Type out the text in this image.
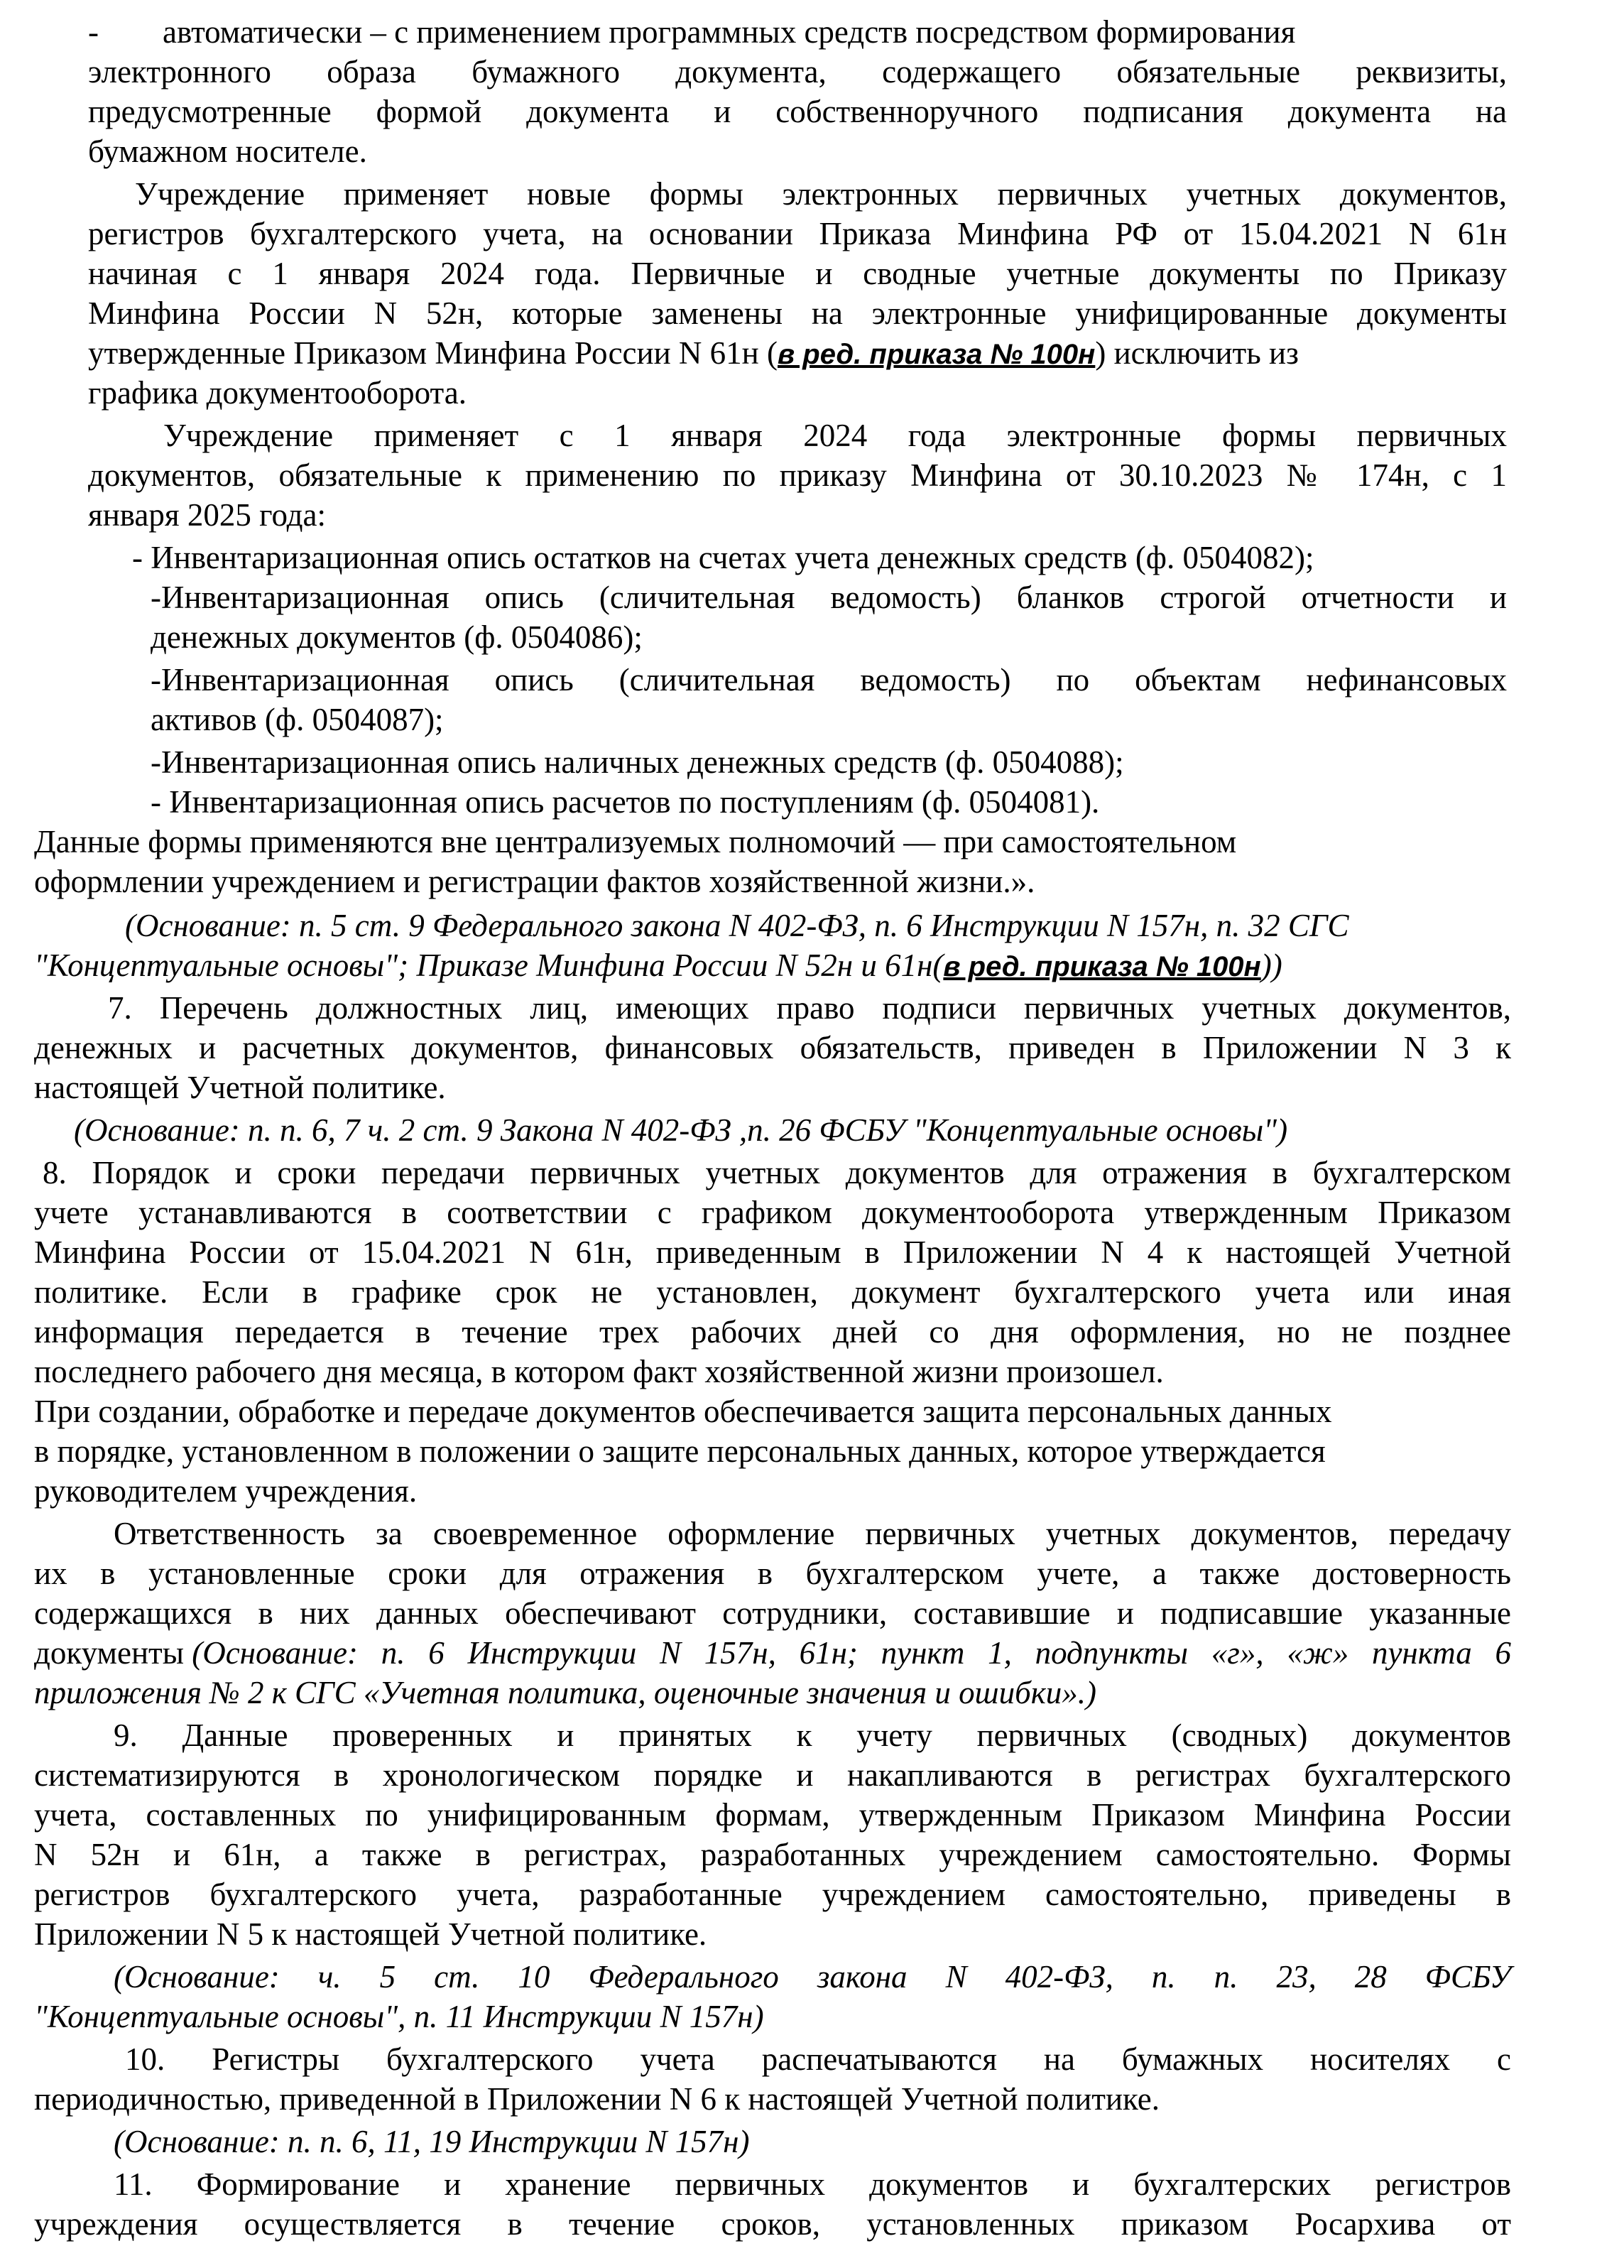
-        автоматически – с применением программных средств посредством формирования
электронного образа бумажного документа, содержащего обязательные реквизиты,
предусмотренные формой документа и собственноручного подписания документа на
бумажном носителе.
Учреждение применяет новые формы электронных первичных учетных документов,
регистров бухгалтерского учета, на основании Приказа Минфина РФ от 15.04.2021 N 61н
начиная с 1 января 2024 года. Первичные и сводные учетные документы по Приказу
Минфина России N 52н, которые заменены на электронные унифицированные документы
утвержденные Приказом Минфина России N 61н (в ред. приказа № 100н) исключить из
графика документооборота.
Учреждение применяет с 1 января 2024 года электронные формы первичных
документов, обязательные к применению по приказу Минфина от 30.10.2023 № 174н, с 1
января 2025 года:
- Инвентаризационная опись остатков на счетах учета денежных средств (ф. 0504082);
-Инвентаризационная опись (сличительная ведомость) бланков строгой отчетности и
денежных документов (ф. 0504086);
-Инвентаризационная опись (сличительная ведомость) по объектам нефинансовых
активов (ф. 0504087);
-Инвентаризационная опись наличных денежных средств (ф. 0504088);
- Инвентаризационная опись расчетов по поступлениям (ф. 0504081).
Данные формы применяются вне централизуемых полномочий — при самостоятельном
оформлении учреждением и регистрации фактов хозяйственной жизни.».
(Основание: п. 5 ст. 9 Федерального закона N 402-ФЗ, п. 6 Инструкции N 157н, п. 32 СГС
"Концептуальные основы"; Приказе Минфина России N 52н и 61н(в ред. приказа № 100н))
7. Перечень должностных лиц, имеющих право подписи первичных учетных документов,
денежных и расчетных документов, финансовых обязательств, приведен в Приложении N 3 к
настоящей Учетной политике.
(Основание: п. п. 6, 7 ч. 2 ст. 9 Закона N 402-ФЗ ,п. 26 ФСБУ "Концептуальные основы")
8. Порядок и сроки передачи первичных учетных документов для отражения в бухгалтерском
учете устанавливаются в соответствии с графиком документооборота утвержденным Приказом
Минфина России от 15.04.2021 N 61н, приведенным в Приложении N 4 к настоящей Учетной
политике. Если в графике срок не установлен, документ бухгалтерского учета или иная
информация передается в течение трех рабочих дней со дня оформления, но не позднее
последнего рабочего дня месяца, в котором факт хозяйственной жизни произошел.
При создании, обработке и передаче документов обеспечивается защита персональных данных
в порядке, установленном в положении о защите персональных данных, которое утверждается
руководителем учреждения.
Ответственность за своевременное оформление первичных учетных документов, передачу
их в установленные сроки для отражения в бухгалтерском учете, а также достоверность
содержащихся в них данных обеспечивают сотрудники, составившие и подписавшие указанные
документы (Основание: п. 6 Инструкции N 157н, 61н; пункт 1, подпункты «г», «ж» пункта 6
приложения № 2 к СГС «Учетная политика, оценочные значения и ошибки».)
9. Данные проверенных и принятых к учету первичных (сводных) документов
систематизируются в хронологическом порядке и накапливаются в регистрах бухгалтерского
учета, составленных по унифицированным формам, утвержденным Приказом Минфина России
N 52н и 61н, а также в регистрах, разработанных учреждением самостоятельно. Формы
регистров бухгалтерского учета, разработанные учреждением самостоятельно, приведены в
Приложении N 5 к настоящей Учетной политике.
(Основание: ч. 5 ст. 10 Федерального закона N 402-ФЗ, п. п. 23, 28 ФСБУ
"Концептуальные основы", п. 11 Инструкции N 157н)
10. Регистры бухгалтерского учета распечатываются на бумажных носителях с
периодичностью, приведенной в Приложении N 6 к настоящей Учетной политике.
(Основание: п. п. 6, 11, 19 Инструкции N 157н)
11. Формирование и хранение первичных документов и бухгалтерских регистров
учреждения осуществляется в течение сроков, установленных приказом Росархива от
